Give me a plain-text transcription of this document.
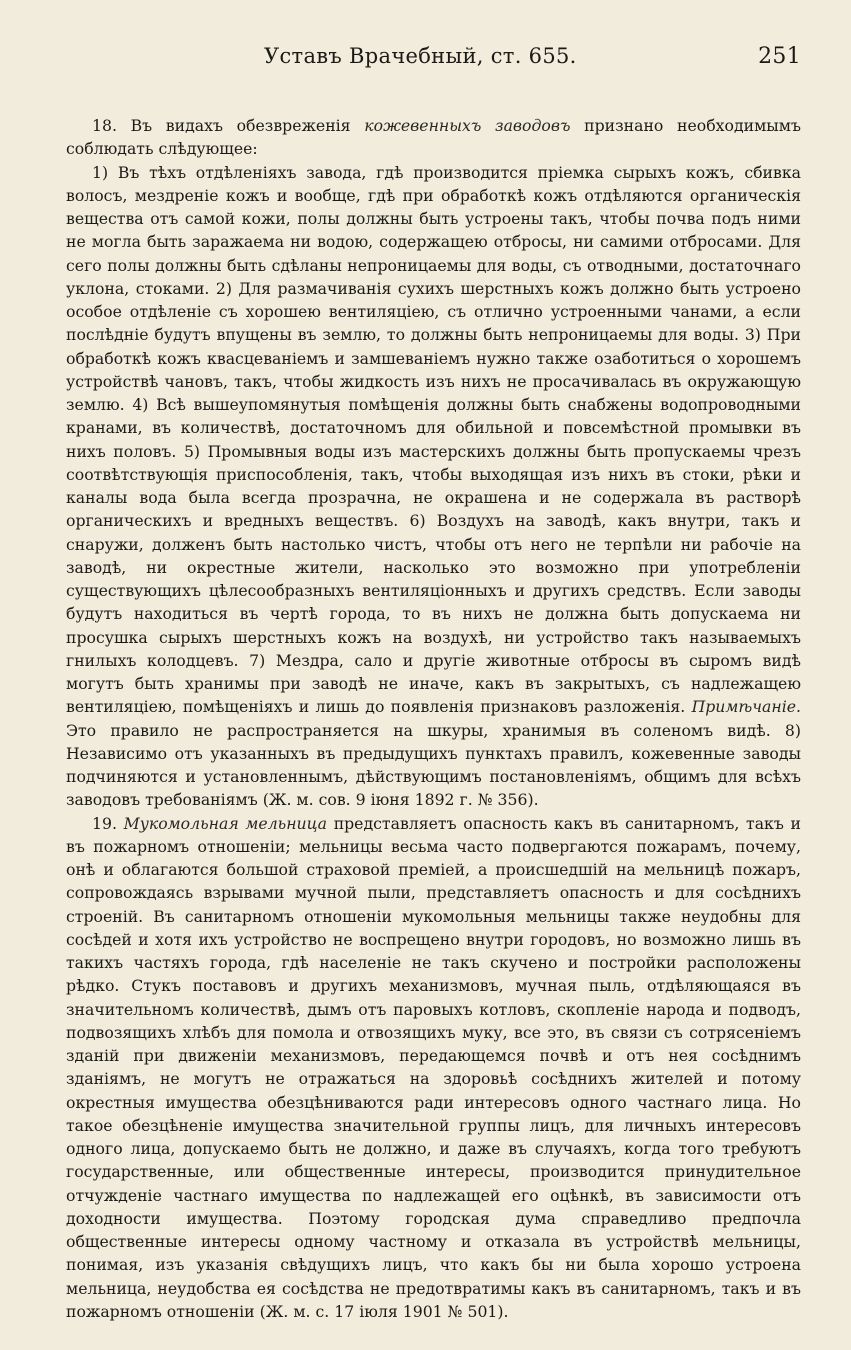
Уставъ Врачебный, ст. 655.	251

18. Въ видахъ обезвреженія кожевенныхъ заводовъ признано необходимымъ соблюдать слѣдующее:

1) Въ тѣхъ отдѣленіяхъ завода, гдѣ производится пріемка сырыхъ кожъ, сбивка волосъ, мездреніе кожъ и вообще, гдѣ при обработкѣ кожъ отдѣляются органическія вещества отъ самой кожи, полы должны быть устроены такъ, чтобы почва подъ ними не могла быть заражаема ни водою, содержащею отбросы, ни самими отбросами. Для сего полы должны быть сдѣланы непроницаемы для воды, съ отводными, достаточнаго уклона, стоками. 2) Для размачиванія сухихъ шерстныхъ кожъ должно быть устроено особое отдѣленіе съ хорошею вентиляціею, съ отлично устроенными чанами, а если послѣдніе будутъ впущены въ землю, то должны быть непроницаемы для воды. 3) При обработкѣ кожъ квасцеваніемъ и замшеваніемъ нужно также озаботиться о хорошемъ устройствѣ чановъ, такъ, чтобы жидкость изъ нихъ не просачивалась въ окружающую землю. 4) Всѣ вышеупомянутыя помѣщенія должны быть снабжены водопроводными кранами, въ количествѣ, достаточномъ для обильной и повсемѣстной промывки въ нихъ половъ. 5) Промывныя воды изъ мастерскихъ должны быть пропускаемы чрезъ соотвѣтствующія приспособленія, такъ, чтобы выходящая изъ нихъ въ стоки, рѣки и каналы вода была всегда прозрачна, не окрашена и не содержала въ растворѣ органическихъ и вредныхъ веществъ. 6) Воздухъ на заводѣ, какъ внутри, такъ и снаружи, долженъ быть настолько чистъ, чтобы отъ него не терпѣли ни рабочіе на заводѣ, ни окрестные жители, насколько это возможно при употребленіи существующихъ цѣлесообразныхъ вентиляціонныхъ и другихъ средствъ. Если заводы будутъ находиться въ чертѣ города, то въ нихъ не должна быть допускаема ни просушка сырыхъ шерстныхъ кожъ на воздухѣ, ни устройство такъ называемыхъ гнилыхъ колодцевъ. 7) Мездра, сало и другіе животные отбросы въ сыромъ видѣ могутъ быть хранимы при заводѣ не иначе, какъ въ закрытыхъ, съ надлежащею вентиляціею, помѣщеніяхъ и лишь до появленія признаковъ разложенія. Примѣчаніе. Это правило не распространяется на шкуры, хранимыя въ соленомъ видѣ. 8) Независимо отъ указанныхъ въ предыдущихъ пунктахъ правилъ, кожевенные заводы подчиняются и установленнымъ, дѣйствующимъ постановленіямъ, общимъ для всѣхъ заводовъ требованіямъ (Ж. м. сов. 9 іюня 1892 г. № 356).

19. Мукомольная мельница представляетъ опасность какъ въ санитарномъ, такъ и въ пожарномъ отношеніи; мельницы весьма часто подвергаются пожарамъ, почему, онѣ и облагаются большой страховой преміей, а происшедшій на мельницѣ пожаръ, сопровождаясь взрывами мучной пыли, представляетъ опасность и для сосѣднихъ строеній. Въ санитарномъ отношеніи мукомольныя мельницы также неудобны для сосѣдей и хотя ихъ устройство не воспрещено внутри городовъ, но возможно лишь въ такихъ частяхъ города, гдѣ населеніе не такъ скучено и постройки расположены рѣдко. Стукъ поставовъ и другихъ механизмовъ, мучная пыль, отдѣляющаяся въ значительномъ количествѣ, дымъ отъ паровыхъ котловъ, скопленіе народа и подводъ, подвозящихъ хлѣбъ для помола и отвозящихъ муку, все это, въ связи съ сотрясеніемъ зданій при движеніи механизмовъ, передающемся почвѣ и отъ нея сосѣднимъ зданіямъ, не могутъ не отражаться на здоровьѣ сосѣднихъ жителей и потому окрестныя имущества обезцѣниваются ради интересовъ одного частнаго лица. Но такое обезцѣненіе имущества значительной группы лицъ, для личныхъ интересовъ одного лица, допускаемо быть не должно, и даже въ случаяхъ, когда того требуютъ государственные, или общественные интересы, производится принудительное отчужденіе частнаго имущества по надлежащей его оцѣнкѣ, въ зависимости отъ доходности имущества. Поэтому городская дума справедливо предпочла общественные интересы одному частному и отказала въ устройствѣ мельницы, понимая, изъ указанія свѣдущихъ лицъ, что какъ бы ни была хорошо устроена мельница, неудобства ея сосѣдства не предотвратимы какъ въ санитарномъ, такъ и въ пожарномъ отношеніи (Ж. м. с. 17 іюля 1901 № 501).
